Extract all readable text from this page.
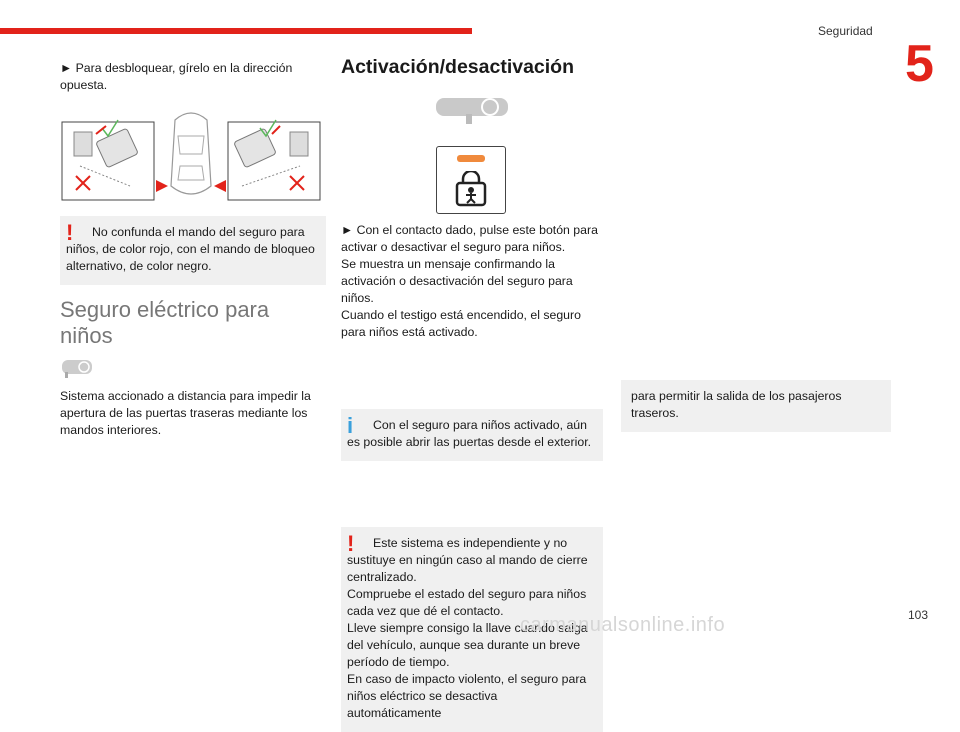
Seguridad
5

► Para desbloquear, gírelo en la dirección opuesta.

!	No confunda el mando del seguro para niños, de color rojo, con el mando de bloqueo alternativo, de color negro.
Seguro eléctrico para niños

Sistema accionado a distancia para impedir la apertura de las puertas traseras mediante los mandos interiores.

Activación/desactivación

► Con el contacto dado, pulse este botón para activar o desactivar el seguro para niños.

Se muestra un mensaje confirmando la activación o desactivación del seguro para niños.

Cuando el testigo está encendido, el seguro para niños está activado.

i	Con el seguro para niños activado, aún es posible abrir las puertas desde el exterior.
!	Este sistema es independiente y no sustituye en ningún caso al mando de cierre centralizado.
Compruebe el estado del seguro para niños cada vez que dé el contacto.
Lleve siempre consigo la llave cuando salga del vehículo, aunque sea durante un breve período de tiempo.
En caso de impacto violento, el seguro para niños eléctrico se desactiva automáticamente
para permitir la salida de los pasajeros traseros.
carmanualsonline.info	103
